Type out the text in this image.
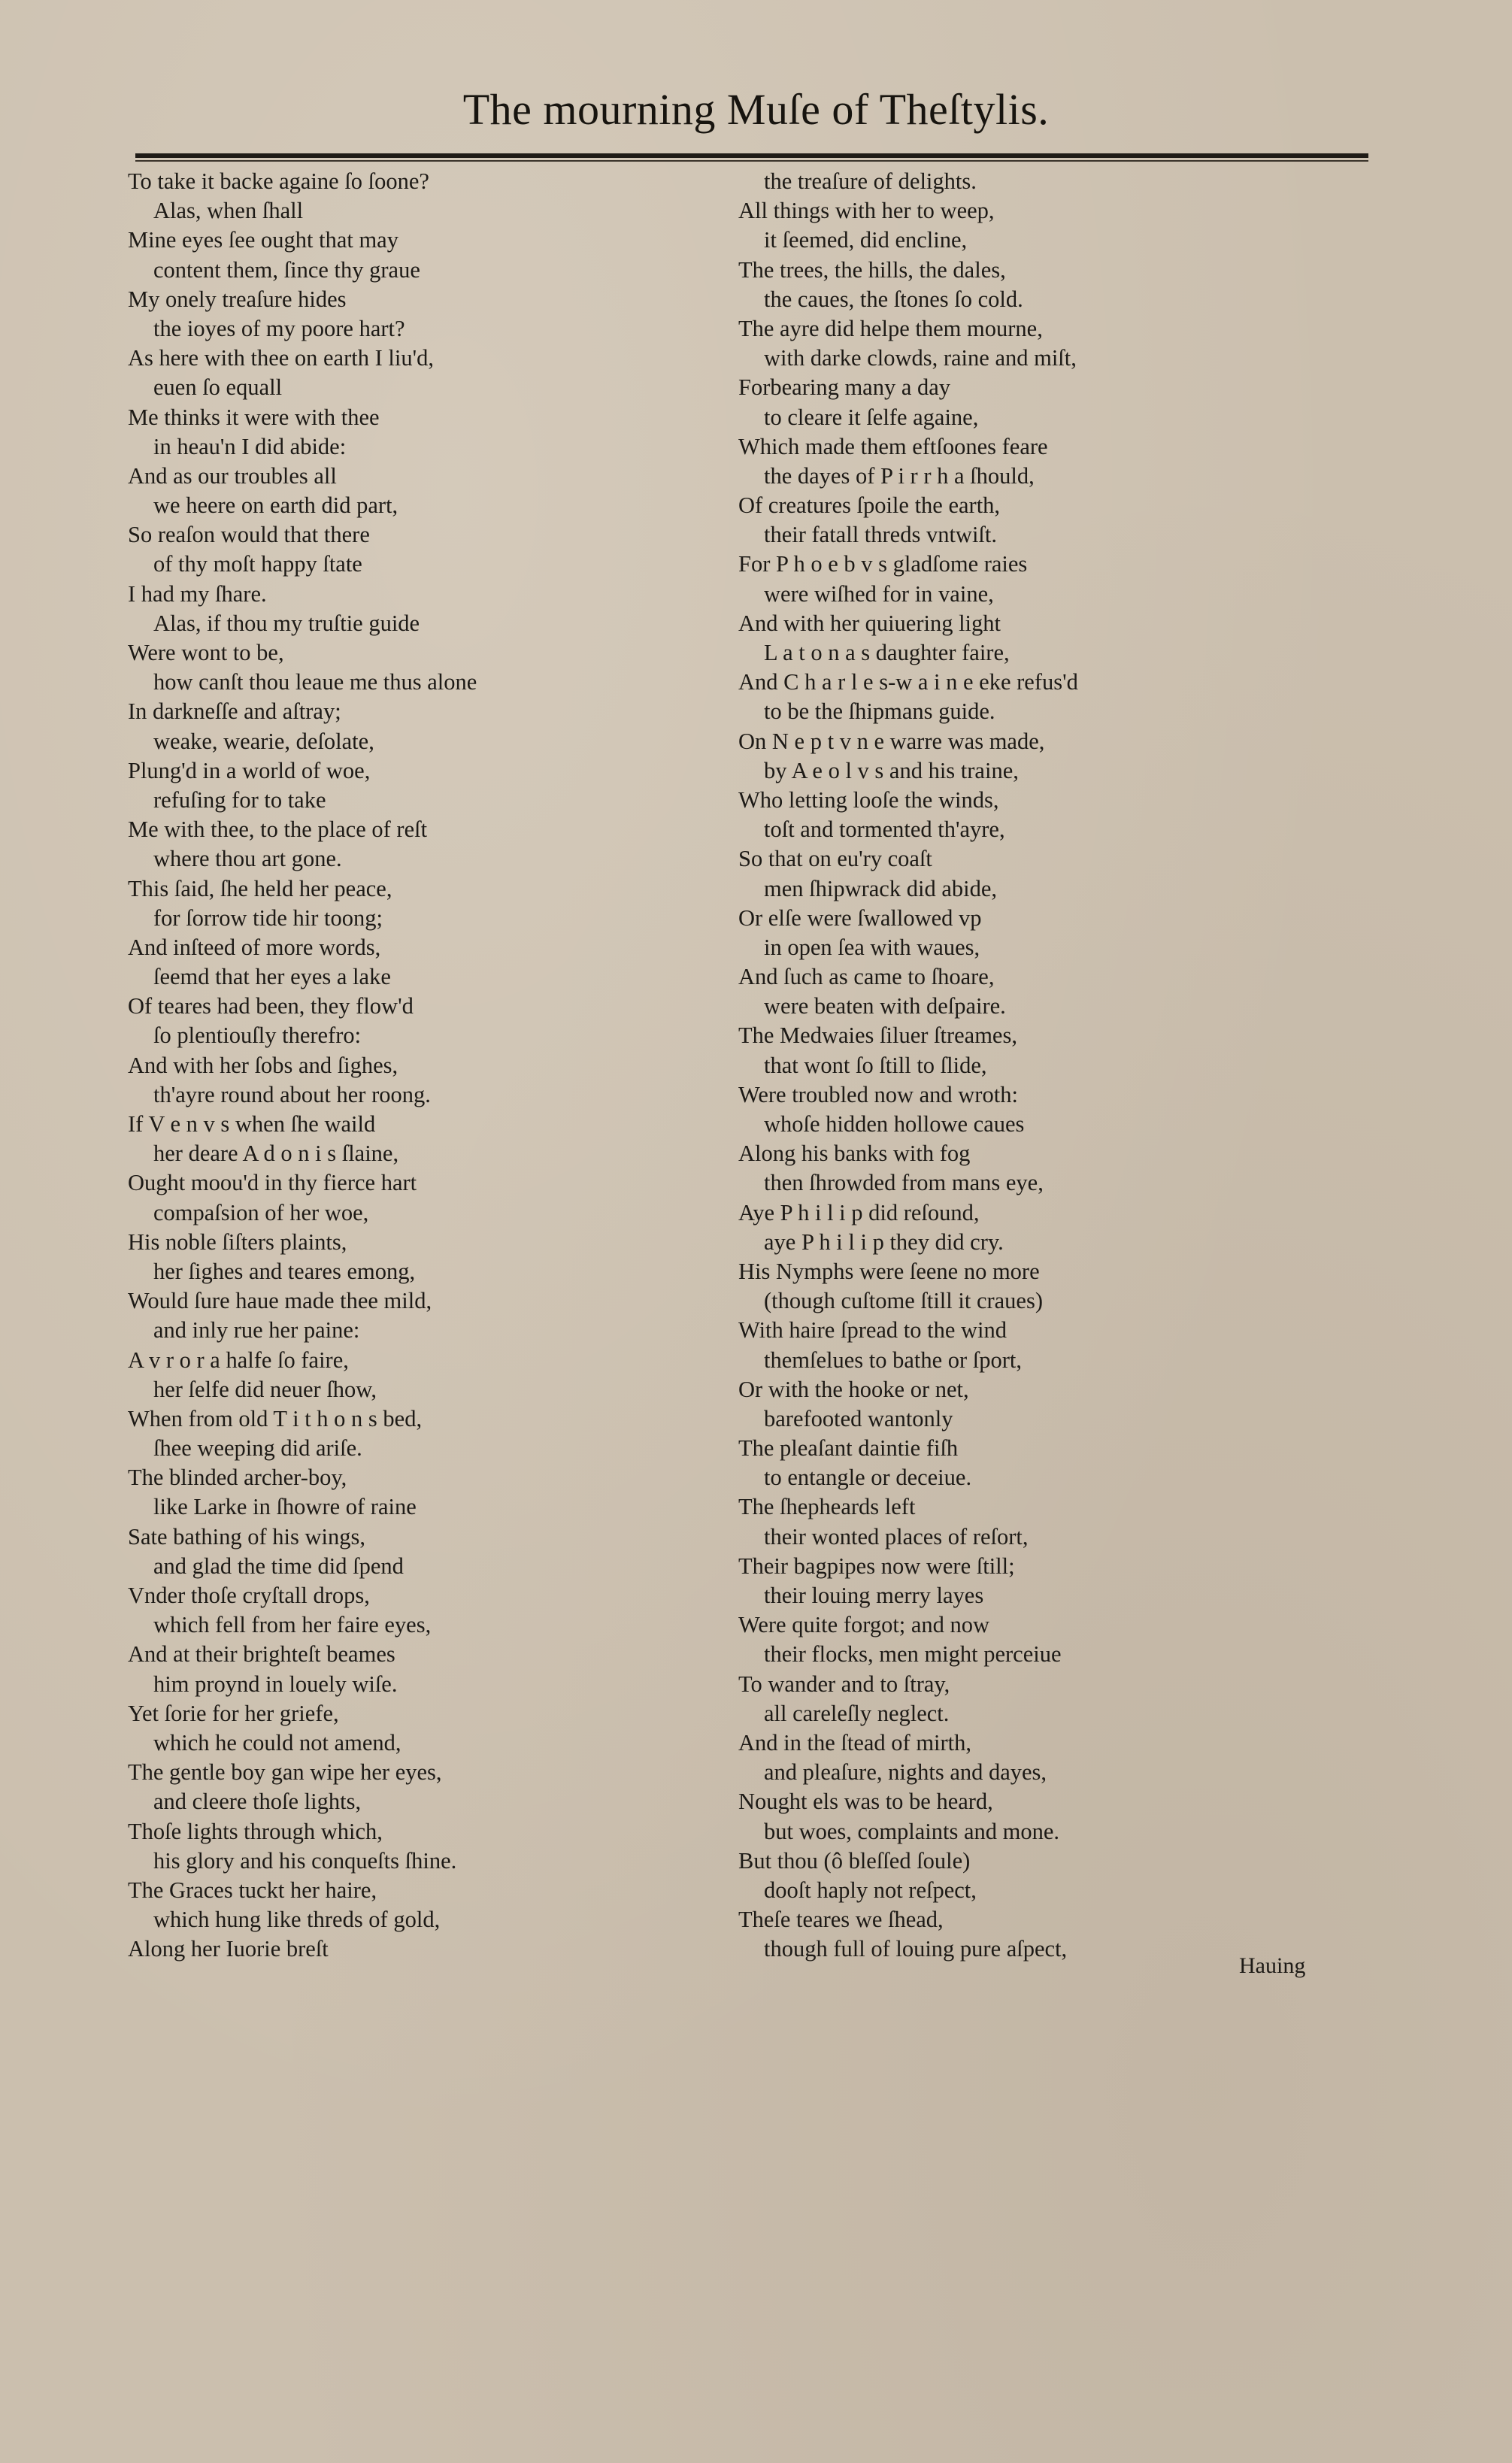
The mourning Muſe of Theſtylis.
To take it backe againe ſo ſoone?
Alas, when ſhall
Mine eyes ſee ought that may
content them, ſince thy graue
My onely treaſure hides
the ioyes of my poore hart?
As here with thee on earth I liu'd,
euen ſo equall
Me thinks it were with thee
in heau'n I did abide:
And as our troubles all
we heere on earth did part,
So reaſon would that there
of thy moſt happy ſtate
I had my ſhare.
Alas, if thou my truſtie guide
Were wont to be,
how canſt thou leaue me thus alone
In darkneſſe and aſtray;
weake, wearie, deſolate,
Plung'd in a world of woe,
refuſing for to take
Me with thee, to the place of reſt
where thou art gone.
This ſaid, ſhe held her peace,
for ſorrow tide hir toong;
And inſteed of more words,
ſeemd that her eyes a lake
Of teares had been, they flow'd
ſo plentiouſly therefro:
And with her ſobs and ſighes,
th'ayre round about her roong.
If V e n v s when ſhe waild
her deare A d o n i s ſlaine,
Ought moou'd in thy fierce hart
compaſsion of her woe,
His noble ſiſters plaints,
her ſighes and teares emong,
Would ſure haue made thee mild,
and inly rue her paine:
A v r o r a halfe ſo faire,
her ſelfe did neuer ſhow,
When from old T i t h o n s bed,
ſhee weeping did ariſe.
The blinded archer-boy,
like Larke in ſhowre of raine
Sate bathing of his wings,
and glad the time did ſpend
Vnder thoſe cryſtall drops,
which fell from her faire eyes,
And at their brighteſt beames
him proynd in louely wiſe.
Yet ſorie for her griefe,
which he could not amend,
The gentle boy gan wipe her eyes,
and cleere thoſe lights,
Thoſe lights through which,
his glory and his conqueſts ſhine.
The Graces tuckt her haire,
which hung like threds of gold,
Along her Iuorie breſt
the treaſure of delights.
All things with her to weep,
it ſeemed, did encline,
The trees, the hills, the dales,
the caues, the ſtones ſo cold.
The ayre did helpe them mourne,
with darke clowds, raine and miſt,
Forbearing many a day
to cleare it ſelfe againe,
Which made them eftſoones feare
the dayes of P i r r h a ſhould,
Of creatures ſpoile the earth,
their fatall threds vntwiſt.
For P h o e b v s gladſome raies
were wiſhed for in vaine,
And with her quiuering light
L a t o n a s daughter faire,
And C h a r l e s-w a i n e eke refus'd
to be the ſhipmans guide.
On N e p t v n e warre was made,
by A e o l v s and his traine,
Who letting looſe the winds,
toſt and tormented th'ayre,
So that on eu'ry coaſt
men ſhipwrack did abide,
Or elſe were ſwallowed vp
in open ſea with waues,
And ſuch as came to ſhoare,
were beaten with deſpaire.
The Medwaies ſiluer ſtreames,
that wont ſo ſtill to ſlide,
Were troubled now and wroth:
whoſe hidden hollowe caues
Along his banks with fog
then ſhrowded from mans eye,
Aye P h i l i p did reſound,
aye P h i l i p they did cry.
His Nymphs were ſeene no more
(though cuſtome ſtill it craues)
With haire ſpread to the wind
themſelues to bathe or ſport,
Or with the hooke or net,
barefooted wantonly
The pleaſant daintie fiſh
to entangle or deceiue.
The ſhepheards left
their wonted places of reſort,
Their bagpipes now were ſtill;
their louing merry layes
Were quite forgot; and now
their flocks, men might perceiue
To wander and to ſtray,
all careleſly neglect.
And in the ſtead of mirth,
and pleaſure, nights and dayes,
Nought els was to be heard,
but woes, complaints and mone.
But thou (ô bleſſed ſoule)
dooſt haply not reſpect,
Theſe teares we ſhead,
though full of louing pure aſpect,
Hauing
